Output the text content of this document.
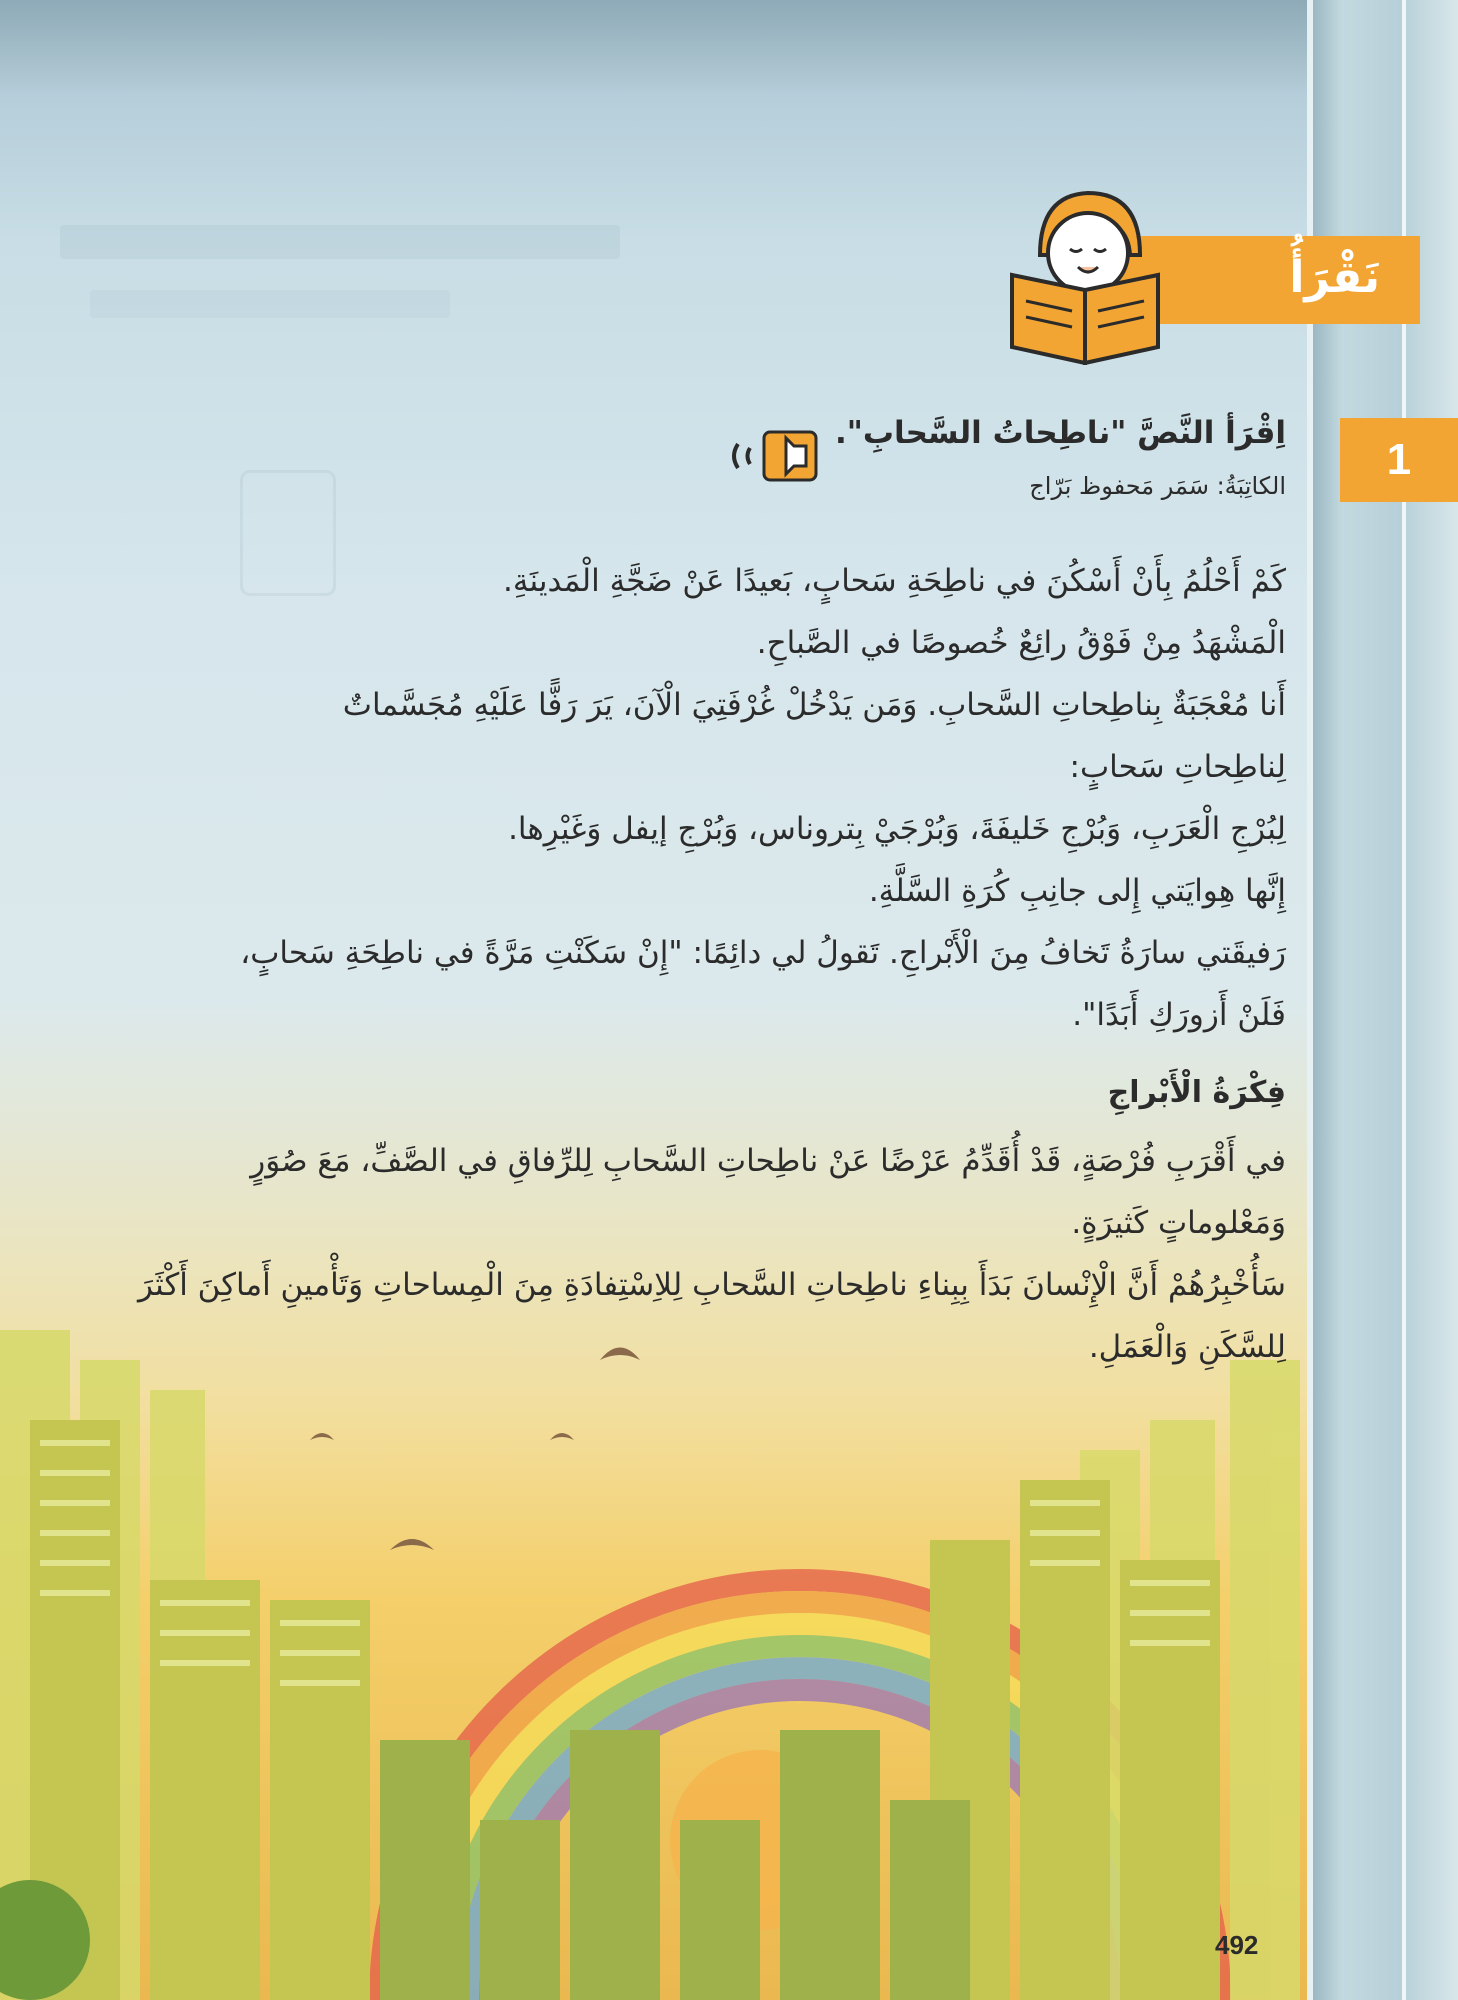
نَقْرَأُ
1
اِقْرَأ النَّصَّ "ناطِحاتُ السَّحابِ".
الكاتِبَةُ: سَمَر مَحفوظ بَرّاج

كَمْ أَحْلُمُ بِأَنْ أَسْكُنَ في ناطِحَةِ سَحابٍ، بَعيدًا عَنْ ضَجَّةِ الْمَدينَةِ.

الْمَشْهَدُ مِنْ فَوْقُ رائِعٌ خُصوصًا في الصَّباحِ.

أَنا مُعْجَبَةٌ بِناطِحاتِ السَّحابِ. وَمَن يَدْخُلْ غُرْفَتِيَ الْآنَ، يَرَ رَفًّا عَلَيْهِ مُجَسَّماتٌ

لِناطِحاتِ سَحابٍ:

لِبُرْجِ الْعَرَبِ، وَبُرْجِ خَليفَةَ، وَبُرْجَيْ بِتروناس، وَبُرْجِ إيفل وَغَيْرِها.

إِنَّها هِوايَتي إِلى جانِبِ كُرَةِ السَّلَّةِ.

رَفيقَتي سارَةُ تَخافُ مِنَ الْأَبْراجِ. تَقولُ لي دائِمًا: "إِنْ سَكَنْتِ مَرَّةً في ناطِحَةِ سَحابٍ،

فَلَنْ أَزورَكِ أَبَدًا".

فِكْرَةُ الْأَبْراجِ

في أَقْرَبِ فُرْصَةٍ، قَدْ أُقَدِّمُ عَرْضًا عَنْ ناطِحاتِ السَّحابِ لِلرِّفاقِ في الصَّفِّ، مَعَ صُوَرٍ

وَمَعْلوماتٍ كَثيرَةٍ.

سَأُخْبِرُهُمْ أَنَّ الْإِنْسانَ بَدَأَ بِبِناءِ ناطِحاتِ السَّحابِ لِلاِسْتِفادَةِ مِنَ الْمِساحاتِ وَتَأْمينِ أَماكِنَ أَكْثَرَ

لِلسَّكَنِ وَالْعَمَلِ.

492
